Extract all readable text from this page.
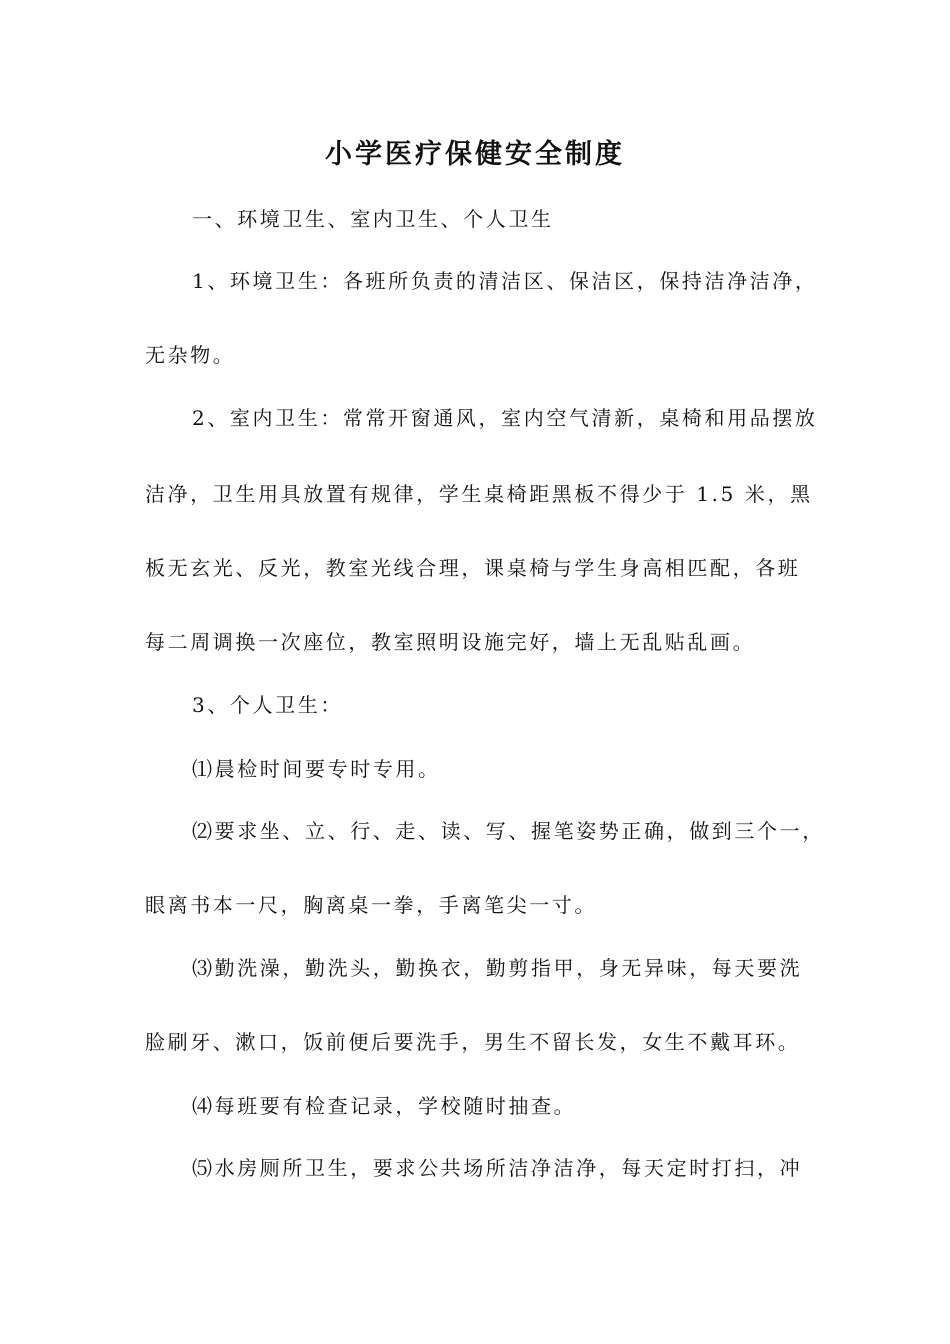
小学医疗保健安全制度
一、环境卫生、室内卫生、个人卫生
1、环境卫生：各班所负责的清洁区、保洁区，保持洁净洁净，
无杂物。
2、室内卫生：常常开窗通风，室内空气清新，桌椅和用品摆放
洁净，卫生用具放置有规律，学生桌椅距黑板不得少于 1.5 米，黑
板无玄光、反光，教室光线合理，课桌椅与学生身高相匹配，各班
每二周调换一次座位，教室照明设施完好，墙上无乱贴乱画。
3、个人卫生：
⑴晨检时间要专时专用。
⑵要求坐、立、行、走、读、写、握笔姿势正确，做到三个一，
眼离书本一尺，胸离桌一拳，手离笔尖一寸。
⑶勤洗澡，勤洗头，勤换衣，勤剪指甲，身无异味，每天要洗
脸刷牙、漱口，饭前便后要洗手，男生不留长发，女生不戴耳环。
⑷每班要有检查记录，学校随时抽查。
⑸水房厕所卫生，要求公共场所洁净洁净，每天定时打扫，冲
